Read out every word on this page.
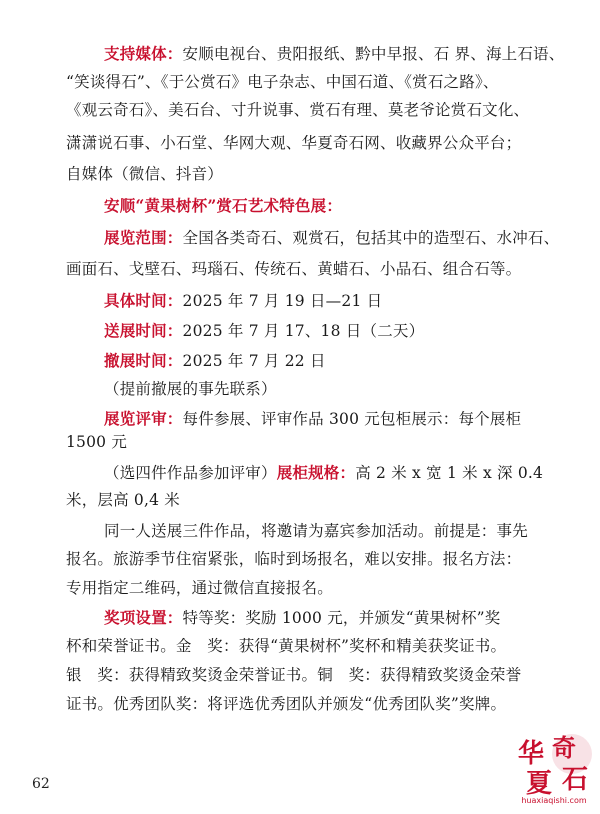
支持媒体：安顺电视台、贵阳报纸、黔中早报、石 界、海上石语、
“笑谈得石”、《于公赏石》电子杂志、中国石道、《赏石之路》、
《观云奇石》、美石台、寸升说事、赏石有理、莫老爷论赏石文化、
潇潇说石事、小石堂、华网大观、华夏奇石网、收藏界公众平台；
自媒体（微信、抖音）
安顺“黄果树杯”赏石艺术特色展：
展览范围：全国各类奇石、观赏石，包括其中的造型石、水冲石、
画面石、戈壁石、玛瑙石、传统石、黄蜡石、小品石、组合石等。
具体时间：2025 年 7 月 19 日—21 日
送展时间：2025 年 7 月 17、18 日（二天）
撤展时间：2025 年 7 月 22 日
（提前撤展的事先联系）
展览评审：每件参展、评审作品 300 元包柜展示：每个展柜
1500 元
（选四件作品参加评审）展柜规格：高 2 米 x 宽 1 米 x 深 0.4
米，层高 0,4 米
同一人送展三件作品，将邀请为嘉宾参加活动。前提是：事先
报名。旅游季节住宿紧张，临时到场报名，难以安排。报名方法：
专用指定二维码，通过微信直接报名。
奖项设置：特等奖：奖励 1000 元，并颁发“黄果树杯”奖
杯和荣誉证书。金　奖：获得“黄果树杯”奖杯和精美获奖证书。
银　奖：获得精致奖烫金荣誉证书。铜　奖：获得精致奖烫金荣誉
证书。优秀团队奖：将评选优秀团队并颁发“优秀团队奖”奖牌。
62
华 奇
夏 石
huaxiaqishi.com
